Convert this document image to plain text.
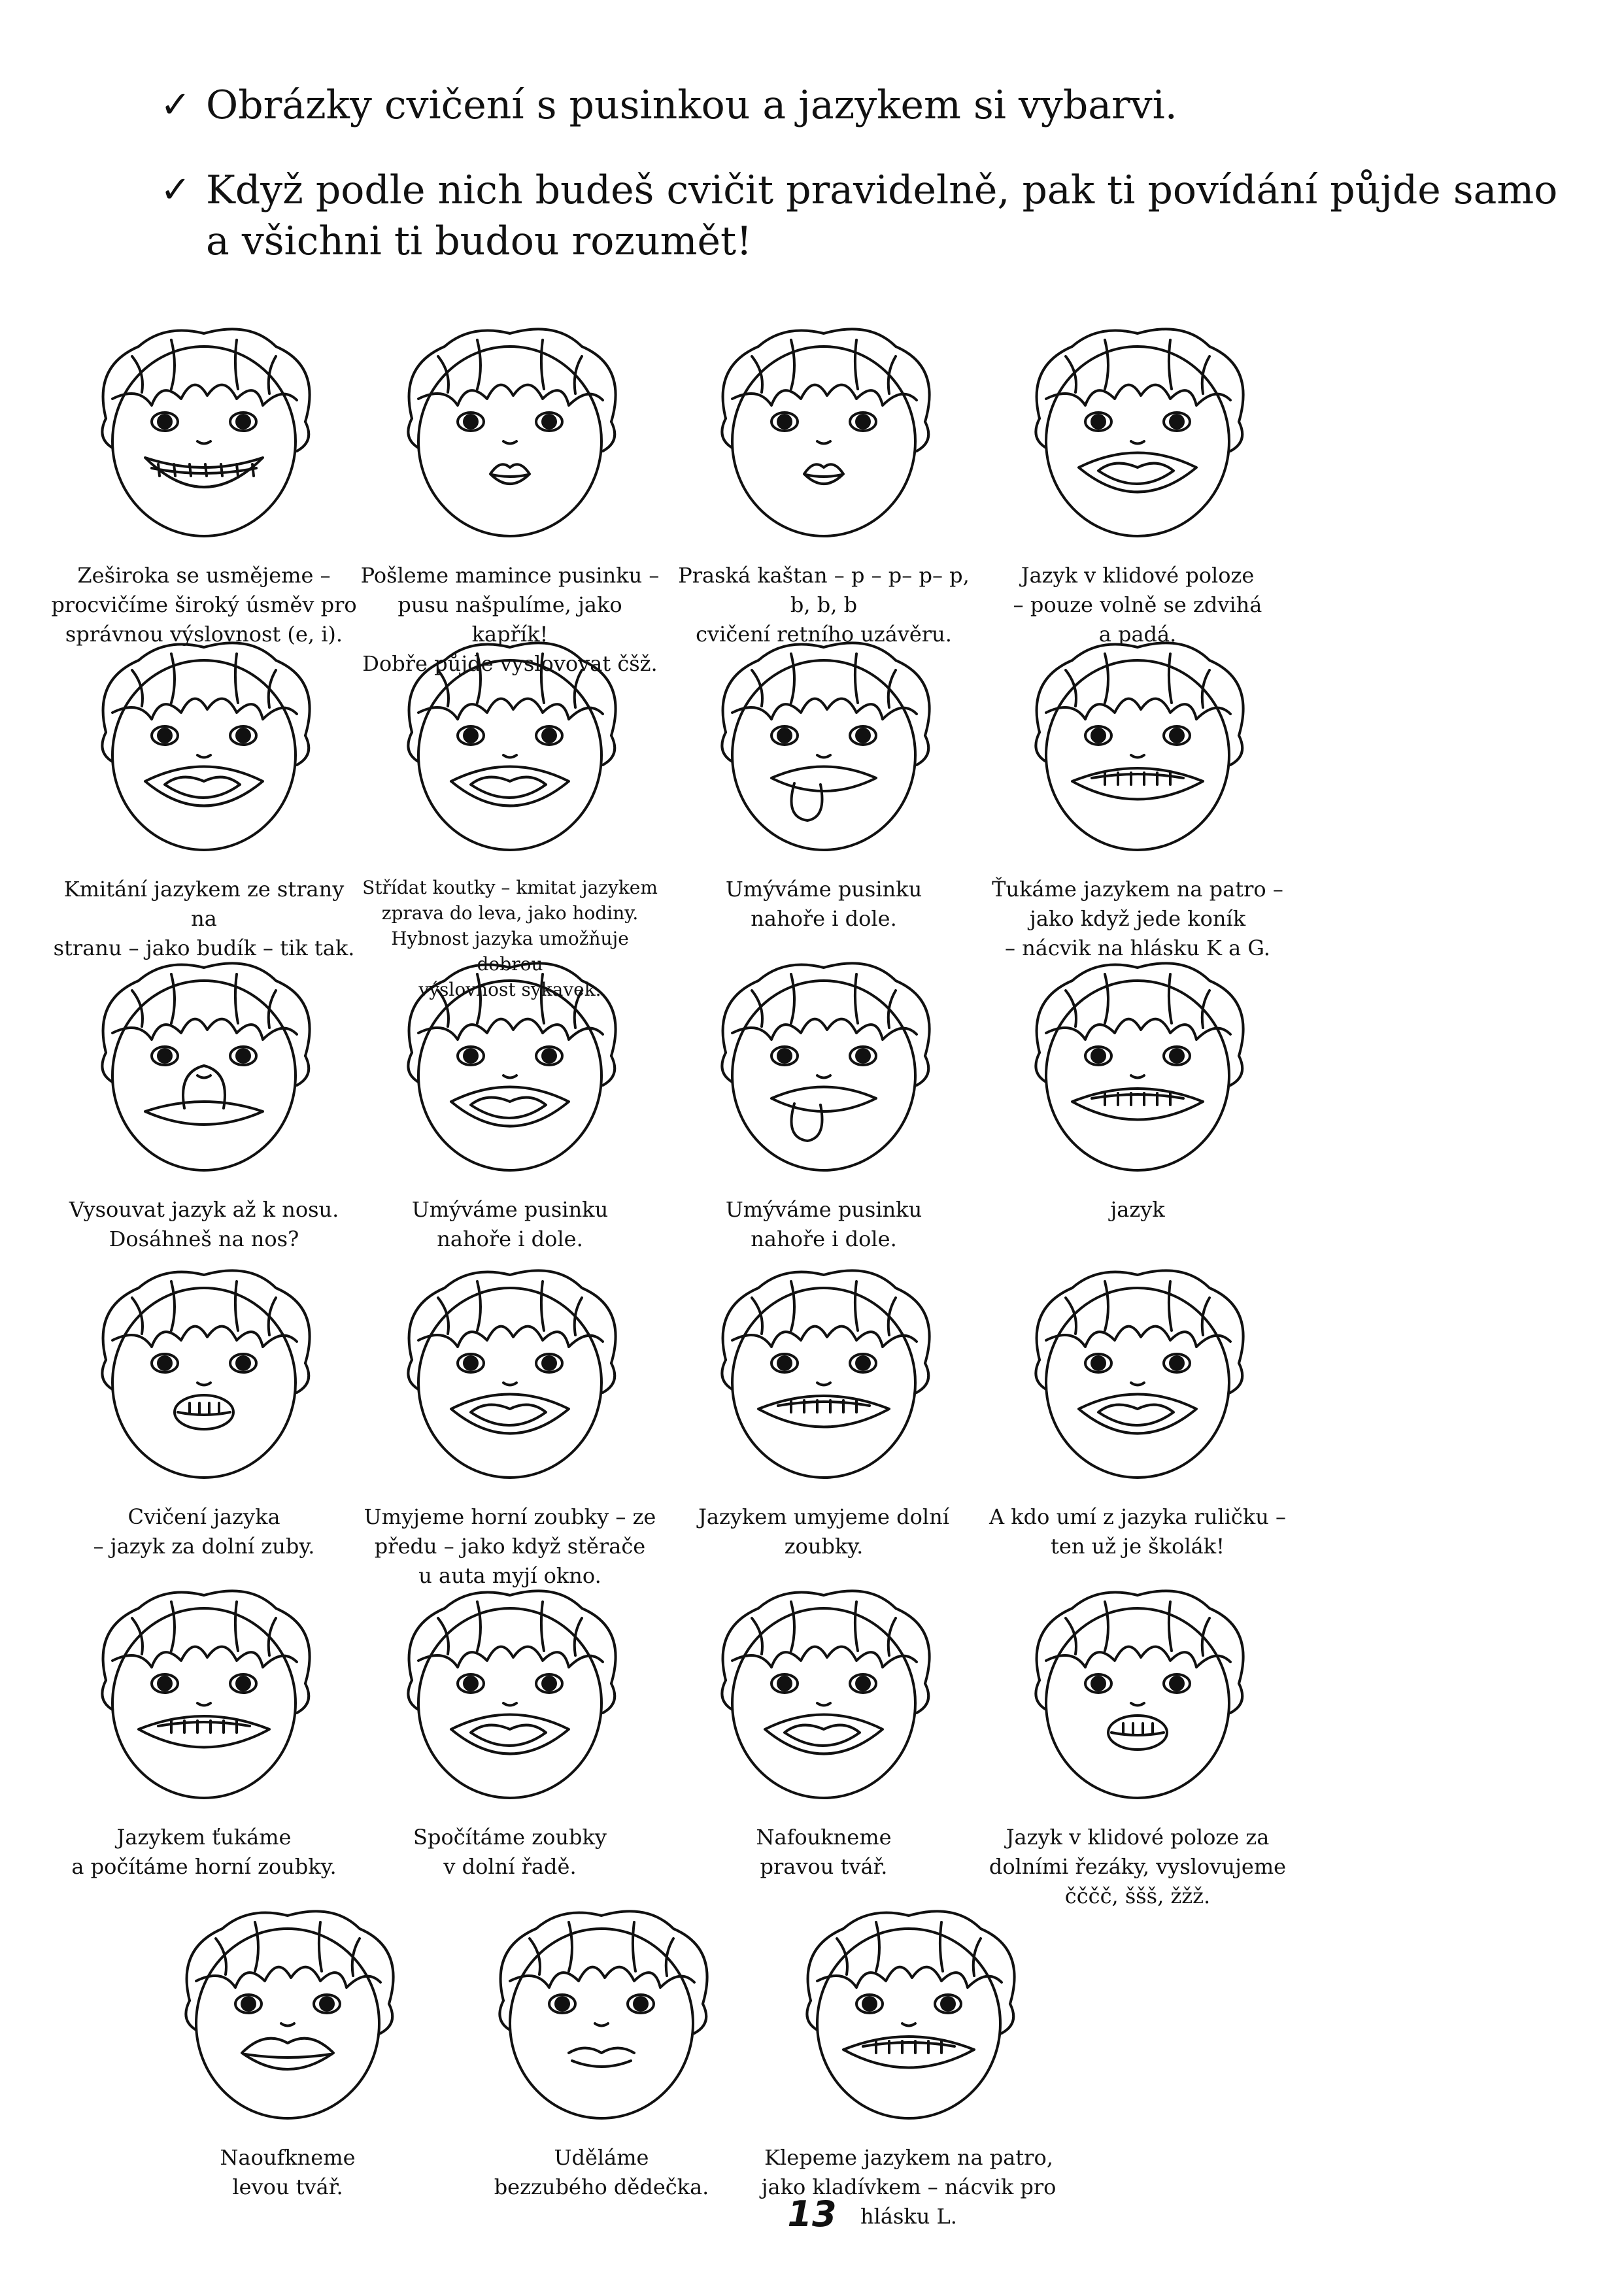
✓ Obrázky cvičení s pusinkou a jazykem si vybarvi.
✓ Když podle nich budeš cvičit pravidelně, pak ti povídání půjde samo a všichni ti budou rozumět!
Zeširoka se usmějeme –
procvičíme široký úsměv pro
správnou výslovnost (e, i).
Pošleme mamince pusinku –
pusu našpulíme, jako kapřík!
Dobře půjde vyslovovat čšž.
Praská kaštan – p – p– p– p,
b, b, b
cvičení retního uzávěru.
Jazyk v klidové poloze
– pouze volně se zdvihá
a padá.
Kmitání jazykem ze strany na
stranu – jako budík – tik tak.
Střídat koutky – kmitat jazykem
zprava do leva, jako hodiny.
Hybnost jazyka umožňuje dobrou
výslovnost sykavek.
Umýváme pusinku
nahoře i dole.
Ťukáme jazykem na patro –
jako když jede koník
– nácvik na hlásku K a G.
Vysouvat jazyk až k nosu.
Dosáhneš na nos?
Umýváme pusinku
nahoře i dole.
Umýváme pusinku
nahoře i dole.
jazyk
Cvičení jazyka
– jazyk za dolní zuby.
Umyjeme horní zoubky – ze
předu – jako když stěrače
u auta myjí okno.
Jazykem umyjeme dolní
zoubky.
A kdo umí z jazyka ruličku –
ten už je školák!
Jazykem ťukáme
a počítáme horní zoubky.
Spočítáme zoubky
v dolní řadě.
Nafoukneme
pravou tvář.
Jazyk v klidové poloze za
dolními řezáky, vyslovujeme
čččč, ššš, žžž.
Naoufkneme
levou tvář.
Uděláme
bezzubého dědečka.
Klepeme jazykem na patro,
jako kladívkem – nácvik pro
hlásku L.
13
